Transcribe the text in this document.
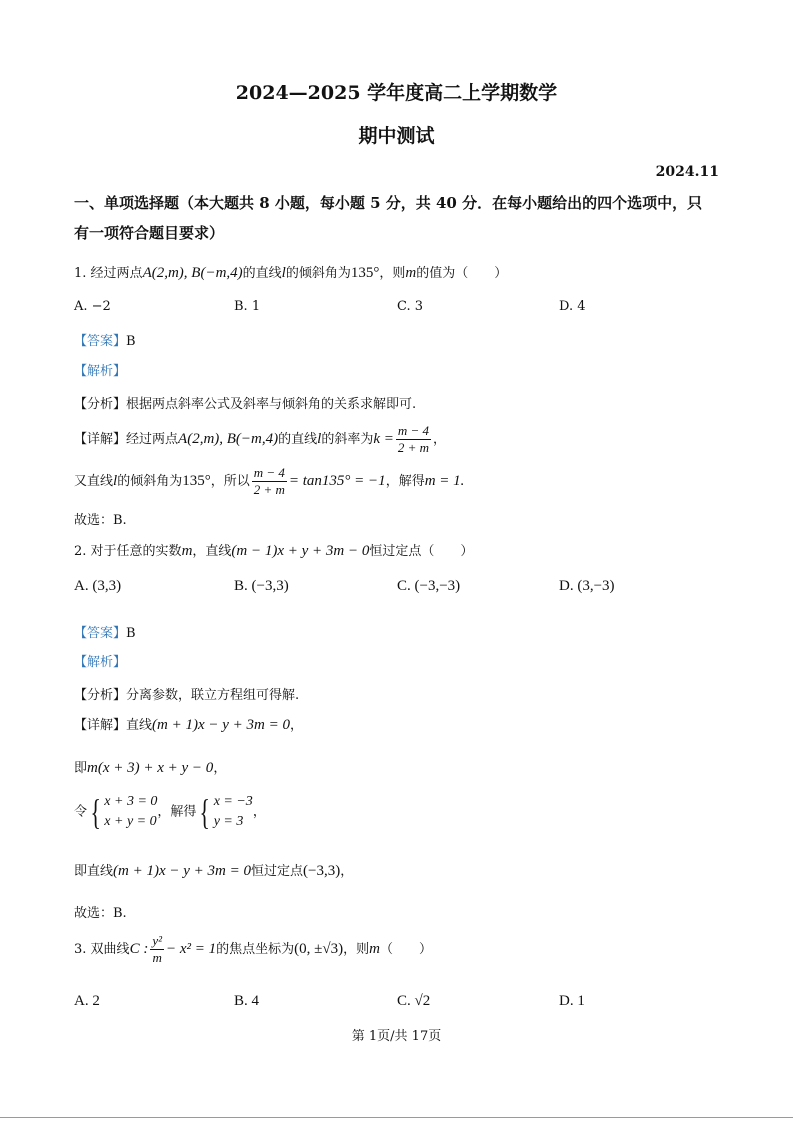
2024—2025 学年度高二上学期数学
期中测试
2024.11
一、单项选择题（本大题共 8 小题，每小题 5 分，共 40 分．在每小题给出的四个选项中，只
有一项符合题目要求）
1. 经过两点A(2,m), B(−m,4)的直线l的倾斜角为135°，则m的值为（　　）
A. −2	B. 1	C. 3	D. 4
【答案】B
【解析】
【分析】根据两点斜率公式及斜率与倾斜角的关系求解即可.
【详解】经过两点A(2,m), B(−m,4)的直线l的斜率为$k = \frac{m - 4}{2 + m}$ ，
又直线l的倾斜角为135°，所以 $\frac{m - 4}{2 + m} = \tan 135^\circ = -1$，解得m = 1.
故选：B.
2. 对于任意的实数m，直线(m − 1)x + y + 3m − 0恒过定点（　　）
A. (3,3)	B. (−3,3)	C. (−3,−3)	D. (3,−3)
【答案】B
【解析】
【分析】分离参数，联立方程组可得解.
【详解】直线(m + 1)x − y + 3m = 0，
即m(x + 3) + x + y − 0，
令 { x + 3 = 0
x + y = 0
，解得 { x = −3
y = 3
，
即直线(m + 1)x − y + 3m = 0恒过定点(−3,3)，
故选：B.
3. 双曲线C : $\frac{\text{y²}}{m} - x^2 = 1$的焦点坐标为(0, ±√3)，则m（　　）
A. 2	B. 4	C. √2	D. 1
第 1页/共 17页
